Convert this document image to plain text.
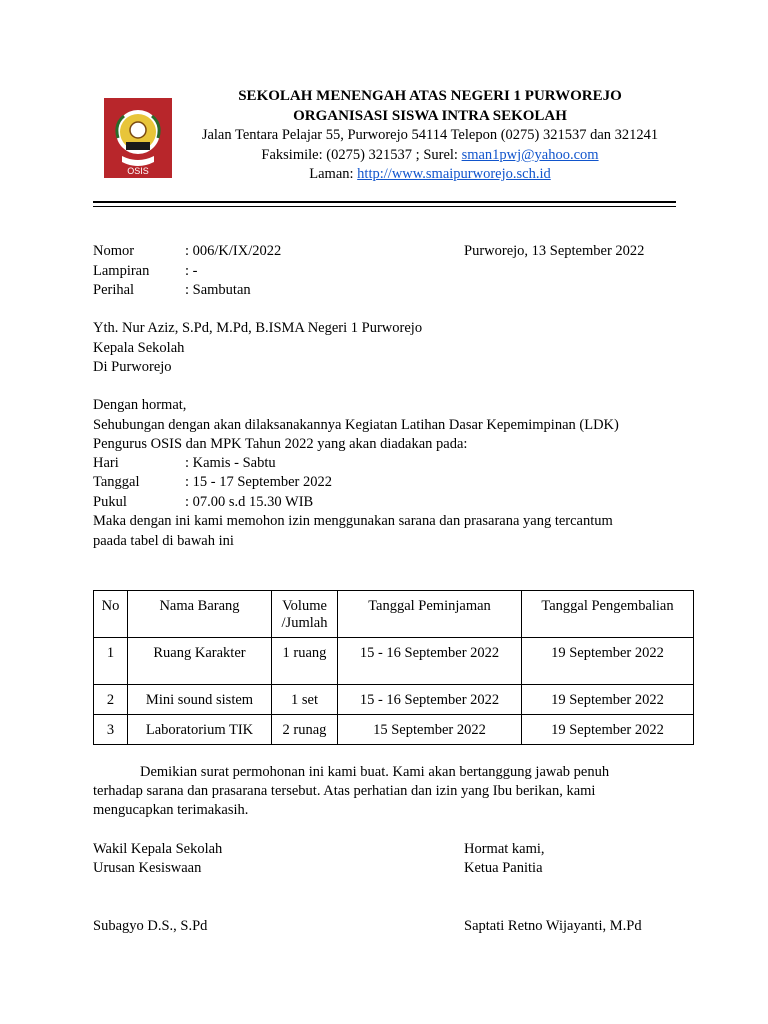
OSIS
SEKOLAH MENENGAH ATAS NEGERI 1 PURWOREJO
ORGANISASI SISWA INTRA SEKOLAH
Jalan Tentara Pelajar 55, Purworejo 54114 Telepon (0275) 321537 dan 321241
Faksimile: (0275) 321537 ; Surel: sman1pwj@yahoo.com
Laman: http://www.smaipurworejo.sch.id
Nomor	: 006/K/IX/2022	Purworejo, 13 September 2022
Lampiran : -
Perihal	: Sambutan
Yth. Nur Aziz, S.Pd, M.Pd, B.ISMA Negeri 1 Purworejo
Kepala Sekolah
Di Purworejo
Dengan hormat,
Sehubungan dengan akan dilaksanakannya Kegiatan Latihan Dasar Kepemimpinan (LDK)
Pengurus OSIS dan MPK Tahun 2022 yang akan diadakan pada:
Hari	: Kamis - Sabtu
Tanggal	: 15 - 17 September 2022
Pukul	: 07.00 s.d 15.30 WIB
Maka dengan ini kami memohon izin menggunakan sarana dan prasarana yang tercantum
paada tabel di bawah ini
No	Nama Barang	Volume /Jumlah	Tanggal Peminjaman	Tanggal Pengembalian
1	Ruang Karakter	1 ruang	15 - 16 September 2022	19 September 2022
2	Mini sound sistem	1 set	15 - 16 September 2022	19 September 2022
3	Laboratorium TIK	2 runag	15 September 2022	19 September 2022
Demikian surat permohonan ini kami buat. Kami akan bertanggung jawab penuh
terhadap sarana dan prasarana tersebut. Atas perhatian dan izin yang Ibu berikan, kami
mengucapkan terimakasih.
Wakil Kepala Sekolah
Urusan Kesiswaan
Subagyo D.S., S.Pd
Hormat kami,
Ketua Panitia
Saptati Retno Wijayanti, M.Pd
